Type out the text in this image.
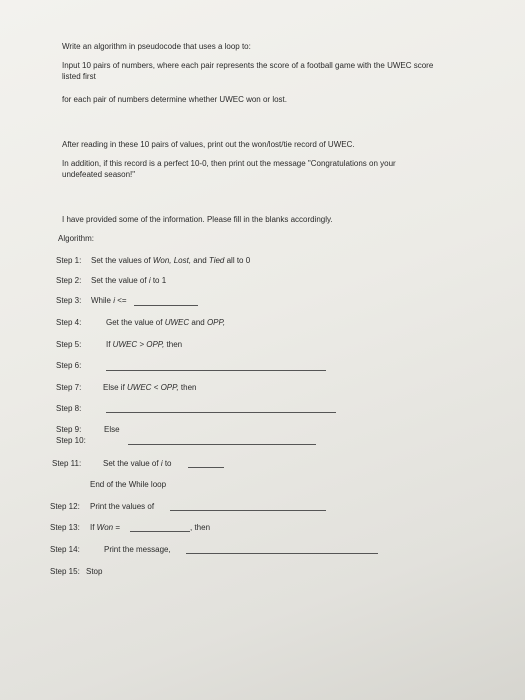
Write an algorithm in pseudocode that uses a loop to:

Input 10 pairs of numbers, where each pair represents the score of a football game with the UWEC score

listed first

for each pair of numbers determine whether UWEC won or lost.

After reading in these 10 pairs of values, print out the won/lost/tie record of UWEC.

In addition, if this record is a perfect 10-0, then print out the message "Congratulations on your

undefeated season!"

I have provided some of the information. Please fill in the blanks accordingly.

Algorithm:

Step 1: Set the values of Won, Lost, and Tied all to 0

Step 2: Set the value of i to 1

Step 3: While i <=

Step 4:	Get the value of UWEC and OPP,

Step 5:	If UWEC > OPP, then

Step 6:

Step 7:	Else if UWEC < OPP, then

Step 8:

Step 9:	Else

Step 10:

Step 11:	Set the value of i to

End of the While loop

Step 12: Print the values of

Step 13: If Won =	, then

Step 14:	Print the message,

Step 15: Stop
